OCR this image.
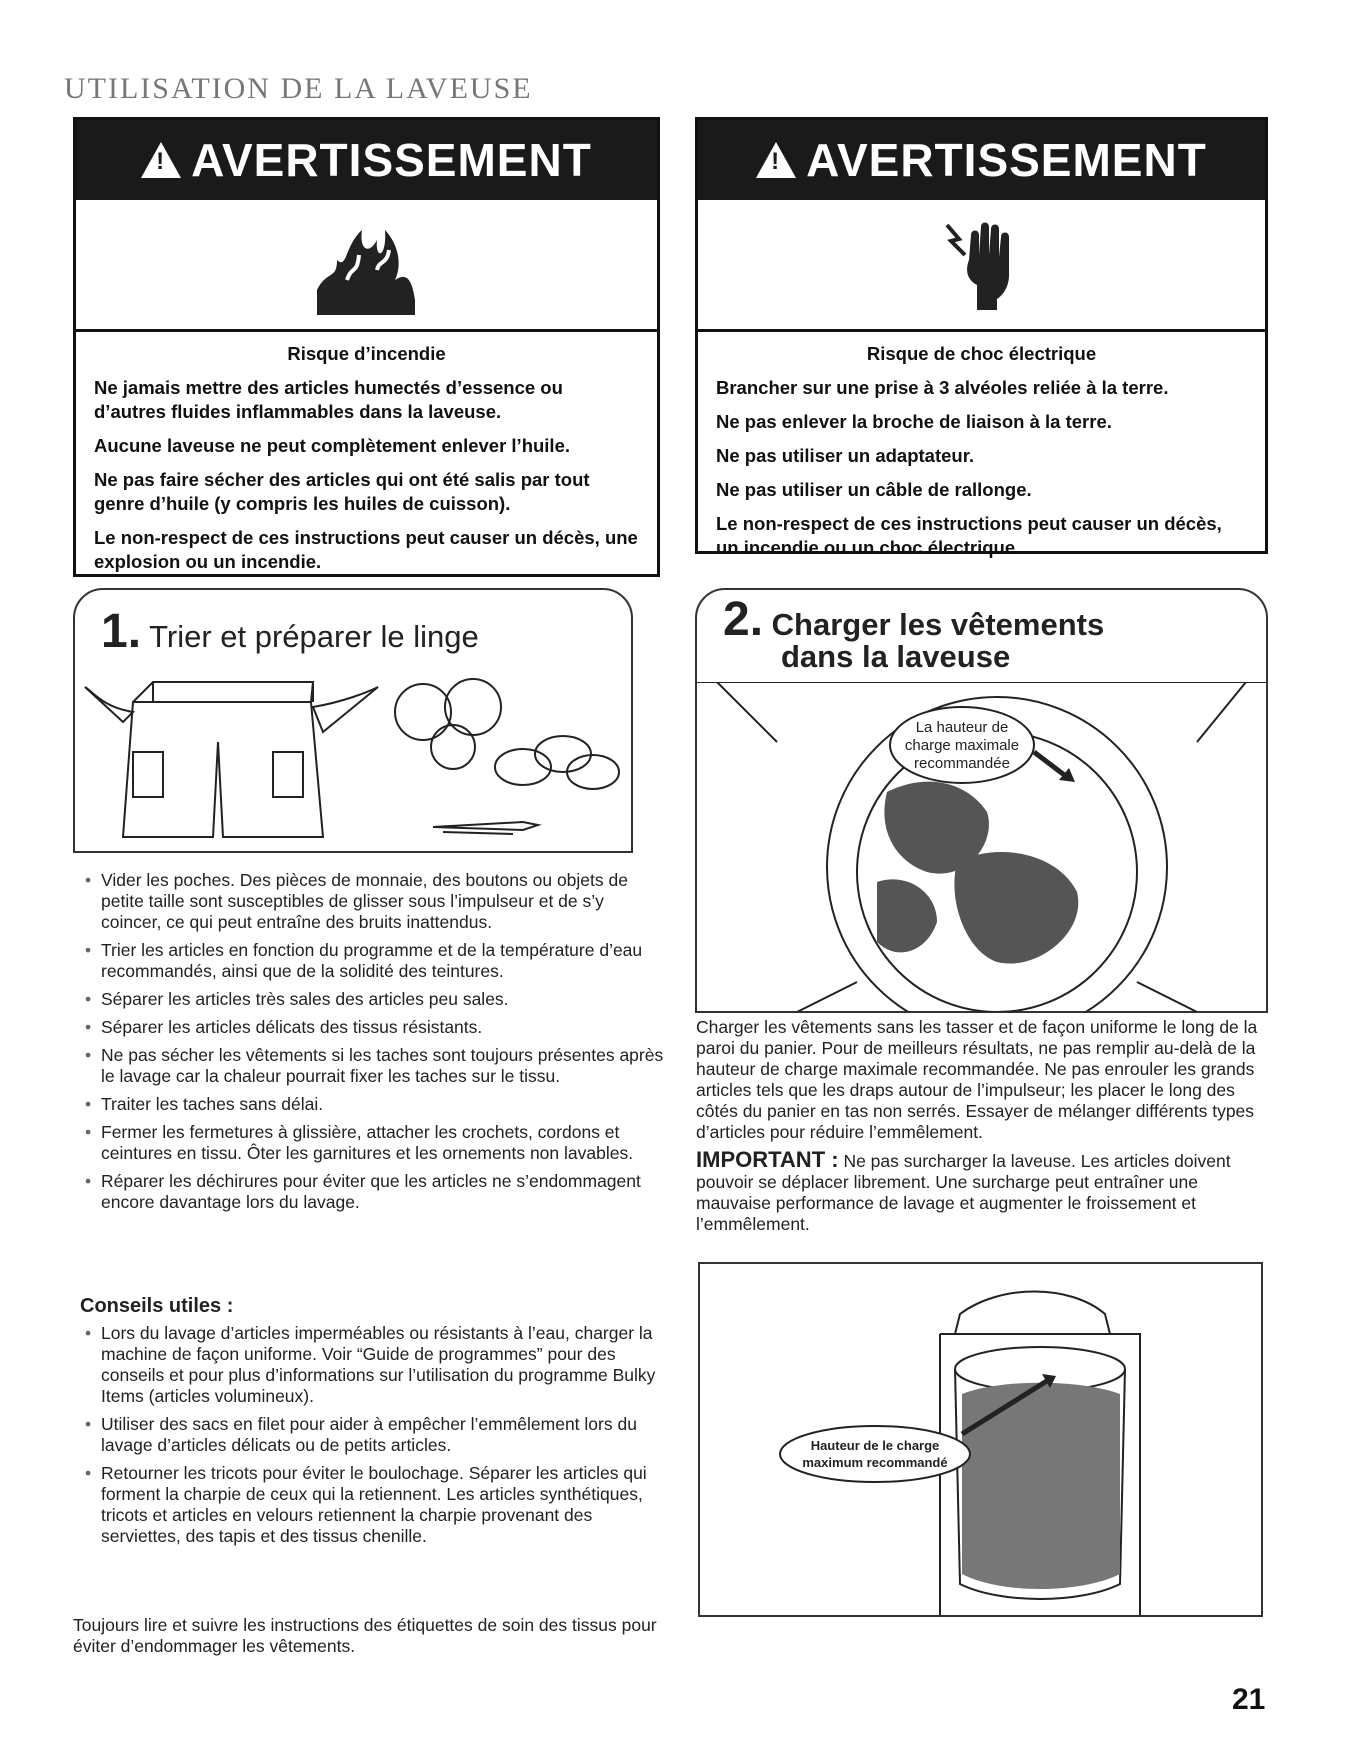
UTILISATION DE LA LAVEUSE
!
AVERTISSEMENT
Risque d’incendie

Ne jamais mettre des articles humectés d’essence ou d’autres fluides inflammables dans la laveuse.

Aucune laveuse ne peut complètement enlever l’huile.

Ne pas faire sécher des articles qui ont été salis par tout genre d’huile (y compris les huiles de cuisson).

Le non-respect de ces instructions peut causer un décès, une explosion ou un incendie.

!
AVERTISSEMENT
Risque de choc électrique

Brancher sur une prise à 3 alvéoles reliée à la terre.

Ne pas enlever la broche de liaison à la terre.

Ne pas utiliser un adaptateur.

Ne pas utiliser un câble de rallonge.

Le non-respect de ces instructions peut causer un décès, un incendie ou un choc électrique.

1. Trier et préparer le linge
• Vider les poches. Des pièces de monnaie, des boutons ou objets de petite taille sont susceptibles de glisser sous l’impulseur et de s’y coincer, ce qui peut entraîne des bruits inattendus.
• Trier les articles en fonction du programme et de la température d’eau recommandés, ainsi que de la solidité des teintures.
• Séparer les articles très sales des articles peu sales.
• Séparer les articles délicats des tissus résistants.
• Ne pas sécher les vêtements si les taches sont toujours présentes après le lavage car la chaleur pourrait fixer les taches sur le tissu.
• Traiter les taches sans délai.
• Fermer les fermetures à glissière, attacher les crochets, cordons et ceintures en tissu. Ôter les garnitures et les ornements non lavables.
• Réparer les déchirures pour éviter que les articles ne s’endommagent encore davantage lors du lavage.
Conseils utiles :
• Lors du lavage d’articles imperméables ou résistants à l’eau, charger la machine de façon uniforme. Voir “Guide de programmes” pour des conseils et pour plus d’informations sur l’utilisation du programme Bulky Items (articles volumineux).
• Utiliser des sacs en filet pour aider à empêcher l’emmêlement lors du lavage d’articles délicats ou de petits articles.
• Retourner les tricots pour éviter le boulochage. Séparer les articles qui forment la charpie de ceux qui la retiennent. Les articles synthétiques, tricots et articles en velours retiennent la charpie provenant des serviettes, des tapis et des tissus chenille.
Toujours lire et suivre les instructions des étiquettes de soin des tissus pour éviter d’endommager les vêtements.
2. Charger les vêtements
dans la laveuse
La hauteur de
charge maximale
recommandée
Charger les vêtements sans les tasser et de façon uniforme le long de la paroi du panier. Pour de meilleurs résultats, ne pas remplir au-delà de la hauteur de charge maximale recommandée. Ne pas enrouler les grands articles tels que les draps autour de l’impulseur; les placer le long des côtés du panier en tas non serrés. Essayer de mélanger différents types d’articles pour réduire l’emmêlement.
IMPORTANT : Ne pas surcharger la laveuse. Les articles doivent pouvoir se déplacer librement. Une surcharge peut entraîner une mauvaise performance de lavage et augmenter le froissement et l’emmêlement.
Hauteur de le charge
maximum recommandé
21
